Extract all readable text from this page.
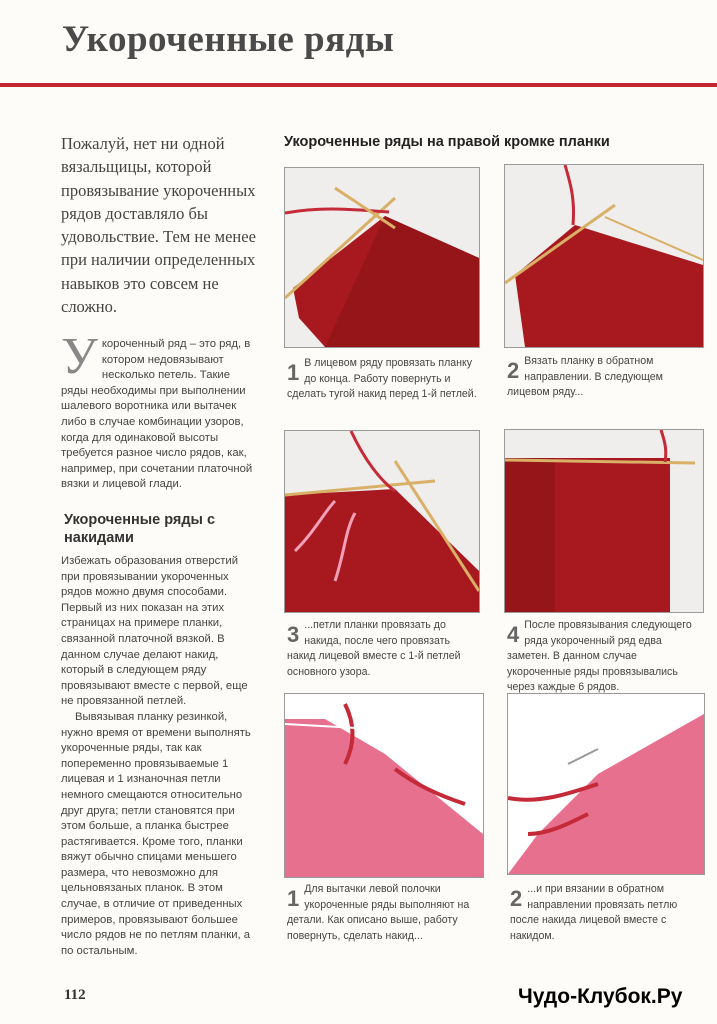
Укороченные ряды

Пожалуй, нет ни одной вязальщицы, которой провязывание укороченных рядов доставляло бы удовольствие. Тем не менее при наличии определенных навыков это совсем не сложно.

У короченный ряд – это ряд, в котором недовязывают несколько петель. Такие ряды необходимы при выполнении шалевого воротника или вытачек либо в случае комбинации узоров, когда для одинаковой высоты требуется разное число рядов, как, например, при сочетании платочной вязки и лицевой глади.
Укороченные ряды с накидами

Избежать образования отверстий при провязывании укороченных рядов можно двумя способами. Первый из них показан на этих страницах на примере планки, связанной платочной вязкой. В данном случае делают накид, который в следующем ряду провязывают вместе с первой, еще не провязанной петлей.

Вывязывая планку резинкой, нужно время от времени выполнять укороченные ряды, так как попеременно провязываемые 1 лицевая и 1 изнаночная петли немного смещаются относительно друг друга; петли становятся при этом больше, а планка быстрее растягивается. Кроме того, планки вяжут обычно спицами меньшего размера, что невозможно для цельновязаных планок. В этом случае, в отличие от приведенных примеров, провязывают большее число рядов не по петлям планки, а по остальным.

Укороченные ряды на правой кромке планки
1 В лицевом ряду провязать планку до конца. Работу повернуть и сделать тугой накид перед 1-й петлей.
2 Вязать планку в обратном направлении. В следующем лицевом ряду...
3 ...петли планки провязать до накида, после чего провязать накид лицевой вместе с 1-й петлей основного узора.
4 После провязывания следующего ряда укороченный ряд едва заметен. В данном случае укороченные ряды провязывались через каждые 6 рядов.
1 Для вытачки левой полочки укороченные ряды выполняют на детали. Как описано выше, работу повернуть, сделать накид...
2 ...и при вязании в обратном направлении провязать петлю после накида лицевой вместе с накидом.
112	Чудо-Клубок.Ру
